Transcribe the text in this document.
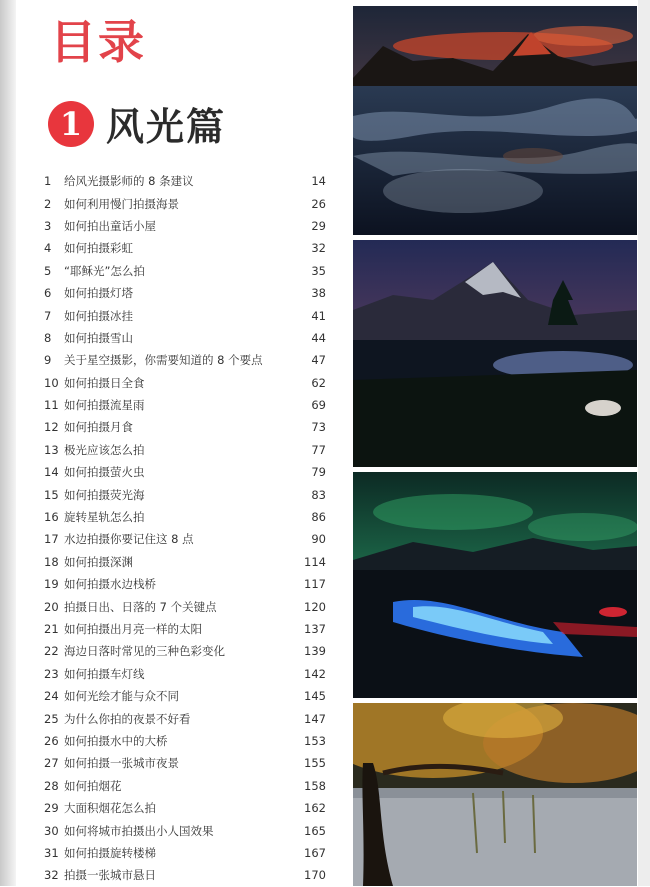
目录
1 风光篇
1	给风光摄影师的 8 条建议	14
2	如何利用慢门拍摄海景	26
3	如何拍出童话小屋	29
4	如何拍摄彩虹	32
5	“耶稣光”怎么拍	35
6	如何拍摄灯塔	38
7	如何拍摄冰挂	41
8	如何拍摄雪山	44
9	关于星空摄影，你需要知道的 8 个要点	47
10 如何拍摄日全食	62
11 如何拍摄流星雨	69
12 如何拍摄月食	73
13 极光应该怎么拍	77
14 如何拍摄萤火虫	79
15 如何拍摄荧光海	83
16 旋转星轨怎么拍	86
17 水边拍摄你要记住这 8 点	90
18 如何拍摄深渊	114
19 如何拍摄水边栈桥	117
20 拍摄日出、日落的 7 个关键点	120
21 如何拍摄出月亮一样的太阳	137
22 海边日落时常见的三种色彩变化	139
23 如何拍摄车灯线	142
24 如何光绘才能与众不同	145
25 为什么你拍的夜景不好看	147
26 如何拍摄水中的大桥	153
27 如何拍摄一张城市夜景	155
28 如何拍烟花	158
29 大面积烟花怎么拍	162
30 如何将城市拍摄出小人国效果	165
31 如何拍摄旋转楼梯	167
32 拍摄一张城市悬日	170
